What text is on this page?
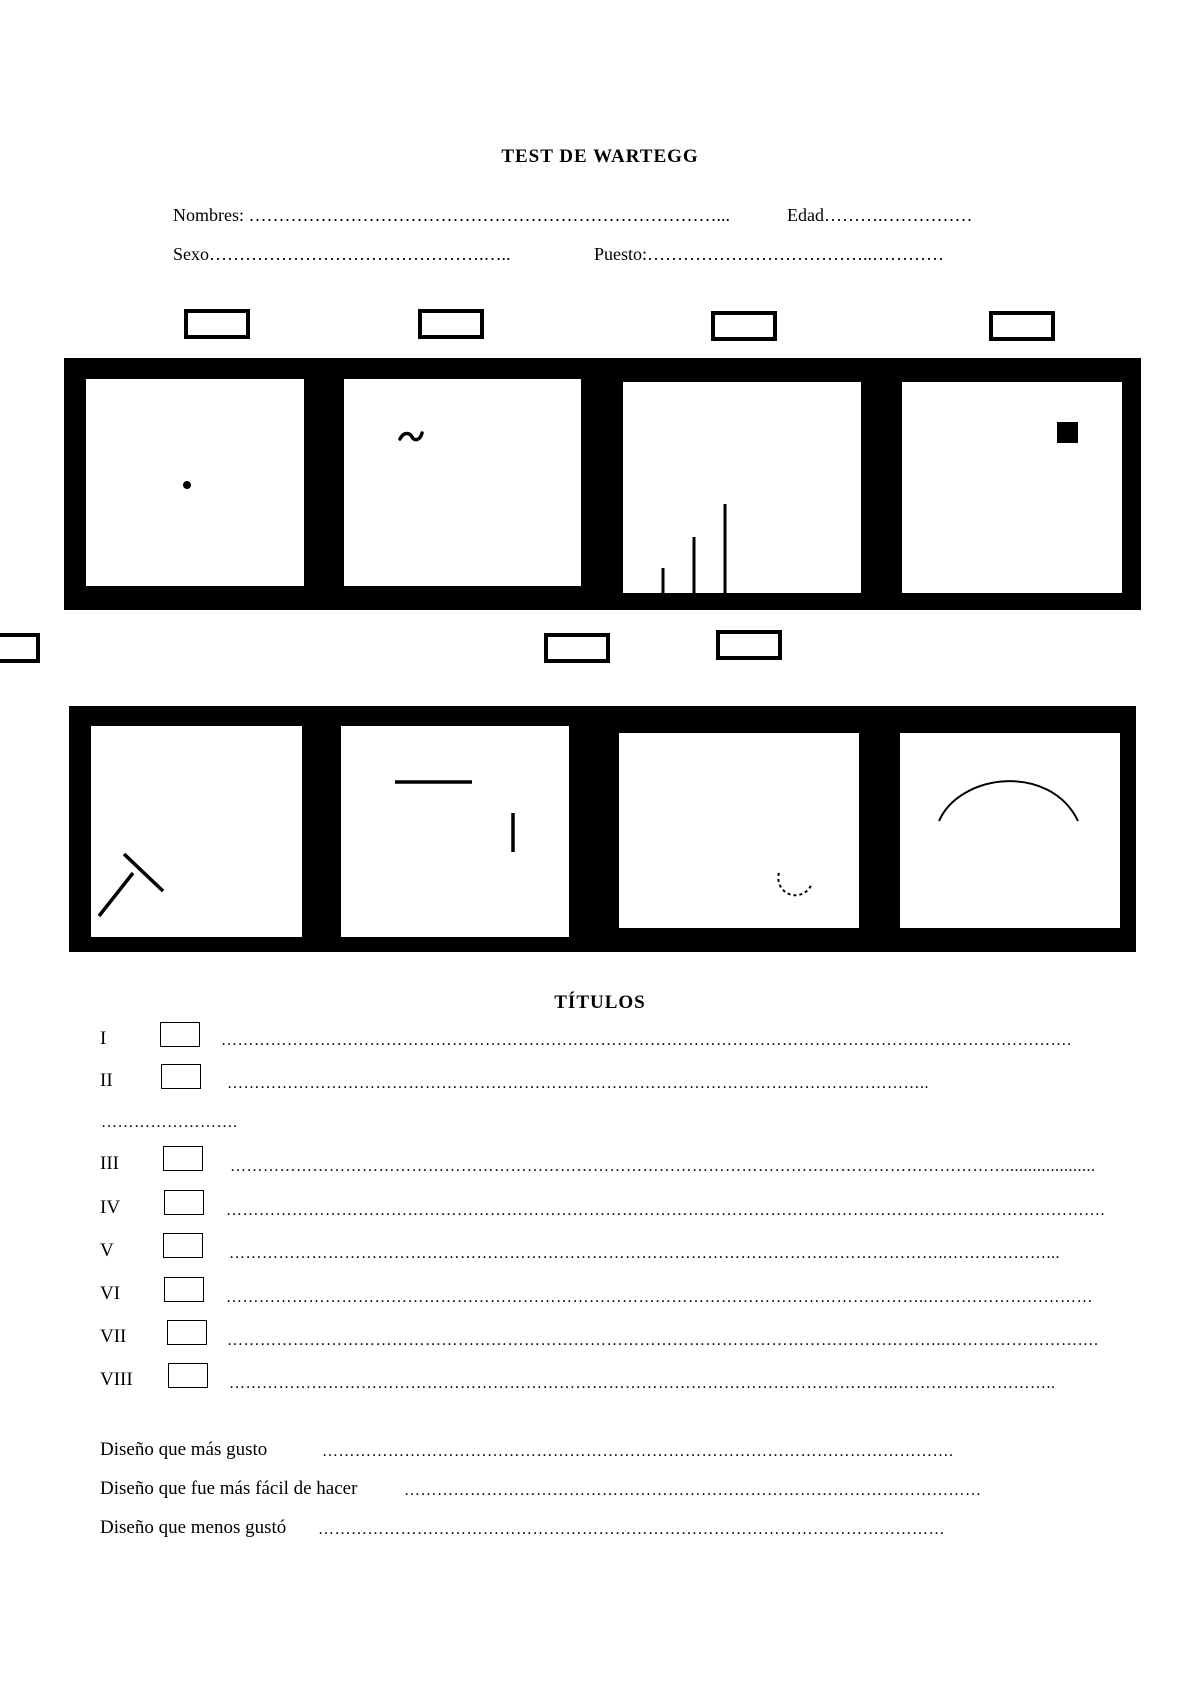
TEST DE WARTEGG
Nombres: ……………………………………………………………………...	Edad……….……………
Sexo……………………………………….…..	Puesto:………………………………..…………
TÍTULOS
I	……………………………………………………………………………………………………………….……………………….
II	………………………………………………………………………………………………………………..
…………………….
III	……………………………………………………………………………………………………………………………....................
IV	…………………………………………………………………………………………………………………………………………….
V	…………………………………………………………………………………………………………………..………………...
VI	………………………………………………………………………………………………………………..…………………………
VII	…………………………………………………………………………………………………………………..……………………….
VIII	…………………………………………………………………………………………………………..………………………..
Diseño que más gusto	…………………………………………………………………………………………………….
Diseño que fue más fácil de hacer	……………………………………………………………………………………………
Diseño que menos gustó ……………………………………………………………………………………………………
